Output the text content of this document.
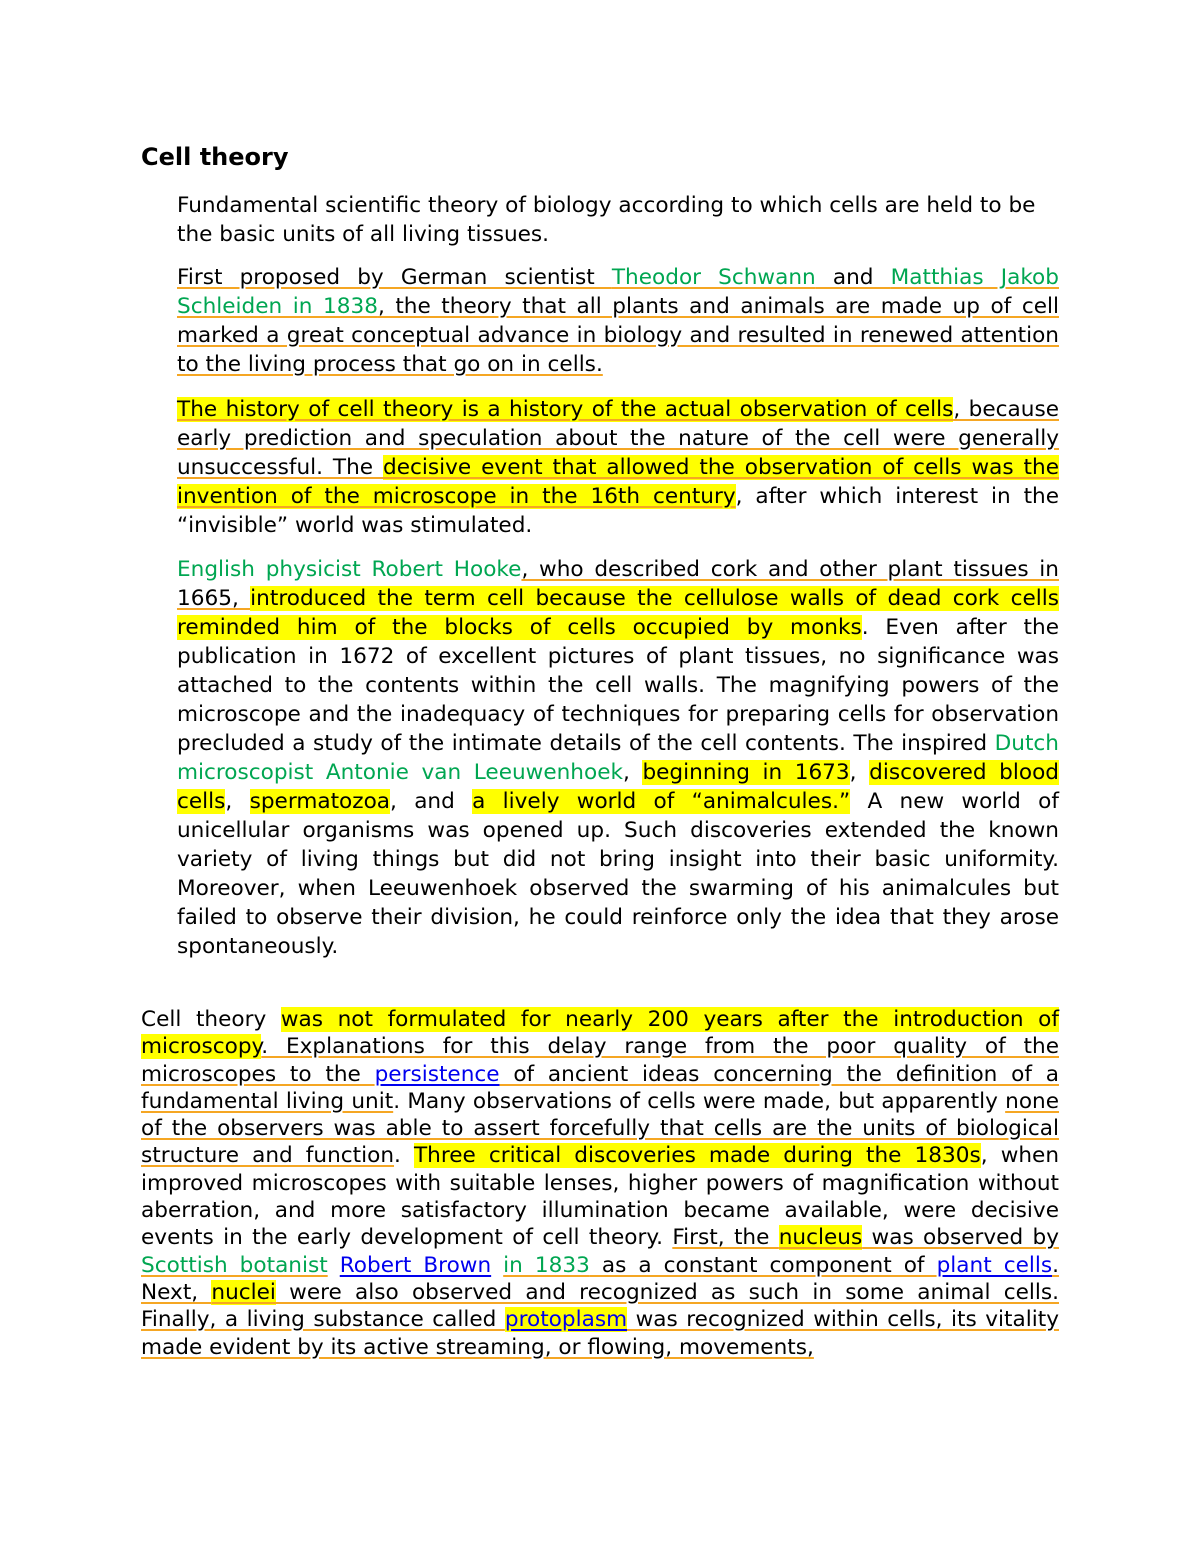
Cell theory

Fundamental scientific theory of biology according to which cells are held to be the basic units of all living tissues.

First proposed by German scientist Theodor Schwann and Matthias Jakob Schleiden in 1838, the theory that all plants and animals are made up of cell marked a great conceptual advance in biology and resulted in renewed attention to the living process that go on in cells.

The history of cell theory is a history of the actual observation of cells, because early prediction and speculation about the nature of the cell were generally unsuccessful. The decisive event that allowed the observation of cells was the invention of the microscope in the 16th century, after which interest in the “invisible” world was stimulated.

English physicist Robert Hooke, who described cork and other plant tissues in 1665, introduced the term cell because the cellulose walls of dead cork cells reminded him of the blocks of cells occupied by monks. Even after the publication in 1672 of excellent pictures of plant tissues, no significance was attached to the contents within the cell walls. The magnifying powers of the microscope and the inadequacy of techniques for preparing cells for observation precluded a study of the intimate details of the cell contents. The inspired Dutch microscopist Antonie van Leeuwenhoek, beginning in 1673, discovered blood cells, spermatozoa, and a lively world of “animalcules.” A new world of unicellular organisms was opened up. Such discoveries extended the known variety of living things but did not bring insight into their basic uniformity. Moreover, when Leeuwenhoek observed the swarming of his animalcules but failed to observe their division, he could reinforce only the idea that they arose spontaneously.

Cell theory was not formulated for nearly 200 years after the introduction of microscopy. Explanations for this delay range from the poor quality of the microscopes to the persistence of ancient ideas concerning the definition of a fundamental living unit. Many observations of cells were made, but apparently none of the observers was able to assert forcefully that cells are the units of biological structure and function. Three critical discoveries made during the 1830s, when improved microscopes with suitable lenses, higher powers of magnification without aberration, and more satisfactory illumination became available, were decisive events in the early development of cell theory. First, the nucleus was observed by Scottish botanist Robert Brown in 1833 as a constant component of plant cells. Next, nuclei were also observed and recognized as such in some animal cells. Finally, a living substance called protoplasm was recognized within cells, its vitality made evident by its active streaming, or flowing, movements,
